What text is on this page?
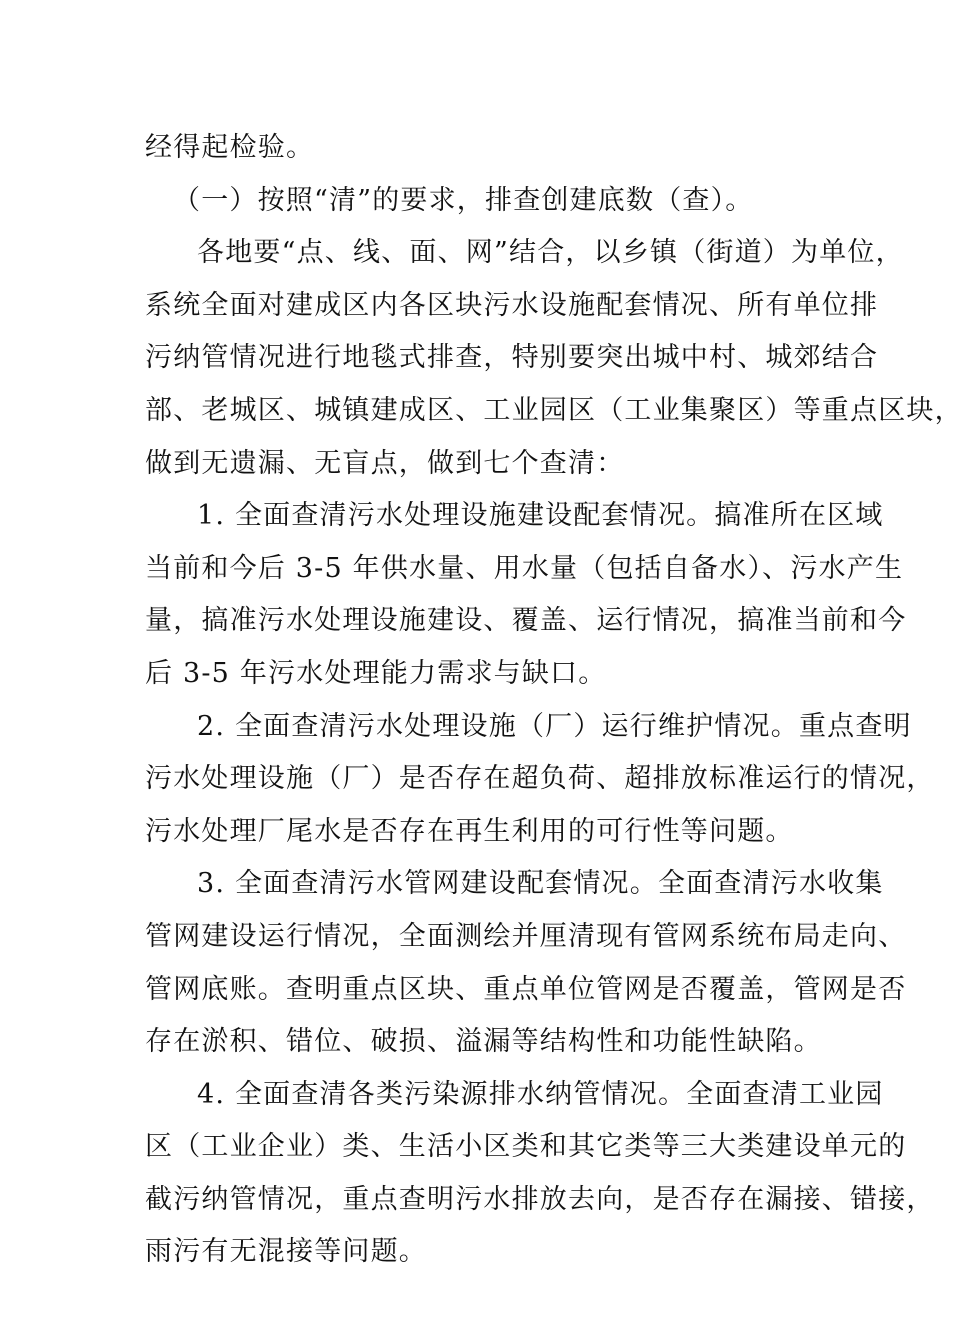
经得起检验。
（一）按照“清”的要求，排查创建底数（查）。
各地要“点、线、面、网”结合，以乡镇（街道）为单位，
系统全面对建成区内各区块污水设施配套情况、所有单位排
污纳管情况进行地毯式排查，特别要突出城中村、城郊结合
部、老城区、城镇建成区、工业园区（工业集聚区）等重点区块，
做到无遗漏、无盲点，做到七个查清：
1. 全面查清污水处理设施建设配套情况。搞准所在区域
当前和今后 3-5 年供水量、用水量（包括自备水）、污水产生
量，搞准污水处理设施建设、覆盖、运行情况，搞准当前和今
后 3-5 年污水处理能力需求与缺口。
2. 全面查清污水处理设施（厂）运行维护情况。重点查明
污水处理设施（厂）是否存在超负荷、超排放标准运行的情况，
污水处理厂尾水是否存在再生利用的可行性等问题。
3. 全面查清污水管网建设配套情况。全面查清污水收集
管网建设运行情况，全面测绘并厘清现有管网系统布局走向、
管网底账。查明重点区块、重点单位管网是否覆盖，管网是否
存在淤积、错位、破损、溢漏等结构性和功能性缺陷。
4. 全面查清各类污染源排水纳管情况。全面查清工业园
区（工业企业）类、生活小区类和其它类等三大类建设单元的
截污纳管情况，重点查明污水排放去向，是否存在漏接、错接，
雨污有无混接等问题。
